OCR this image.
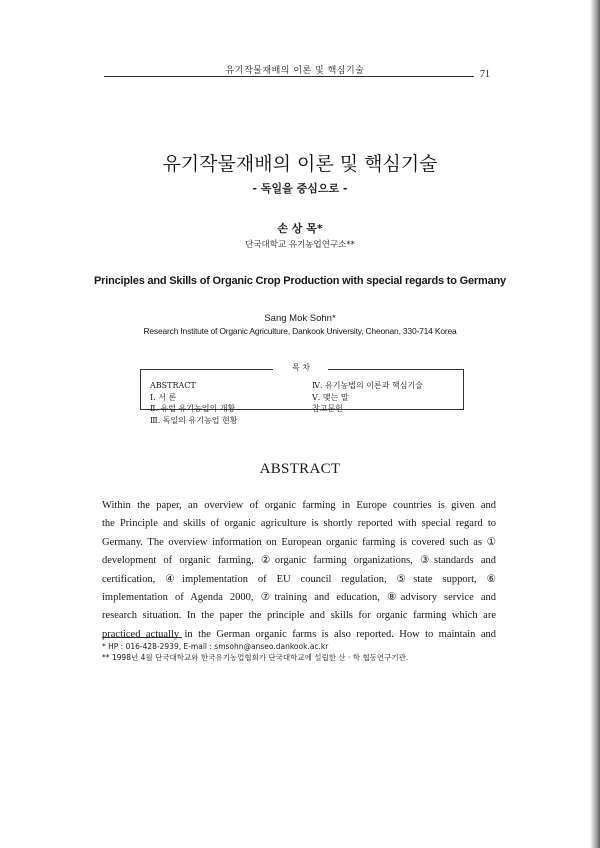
유기작물재배의 이론 및 핵심기술	71
유기작물재배의 이론 및 핵심기술
- 독일을 중심으로 -
손 상 목*
단국대학교 유기농업연구소**
Principles and Skills of Organic Crop Production with special regards to Germany
Sang Mok Sohn*
Research Institute of Organic Agriculture, Dankook University, Cheonan, 330-714 Korea
목 차
ABSTRACT
Ⅰ. 서 론
Ⅱ. 유럽 유기농업의 개황
Ⅲ. 독일의 유기농업 현황
Ⅳ. 유기농법의 이론과 핵심기술
Ⅴ. 맺는 말
참고문헌
ABSTRACT
Within the paper, an overview of organic farming in Europe countries is given and
the Principle and skills of organic agriculture is shortly reported with special regard to
Germany. The overview information on European organic farming is covered such as ①
development of organic farming, ②organic farming organizations, ③standards and
certification, ④implementation of EU council regulation, ⑤state support, ⑥
implementation of Agenda 2000, ⑦training and education, ⑧advisory service and
research situation. In the paper the principle and skills for organic farming which are
practiced actually in the German organic farms is also reported. How to maintain and
* HP : 016-428-2939, E-mail : smsohn@anseo.dankook.ac.kr
** 1998년 4월 단국대학교와 한국유기농업협회가 단국대학교에 설립한 산 · 학 협동연구기관.
